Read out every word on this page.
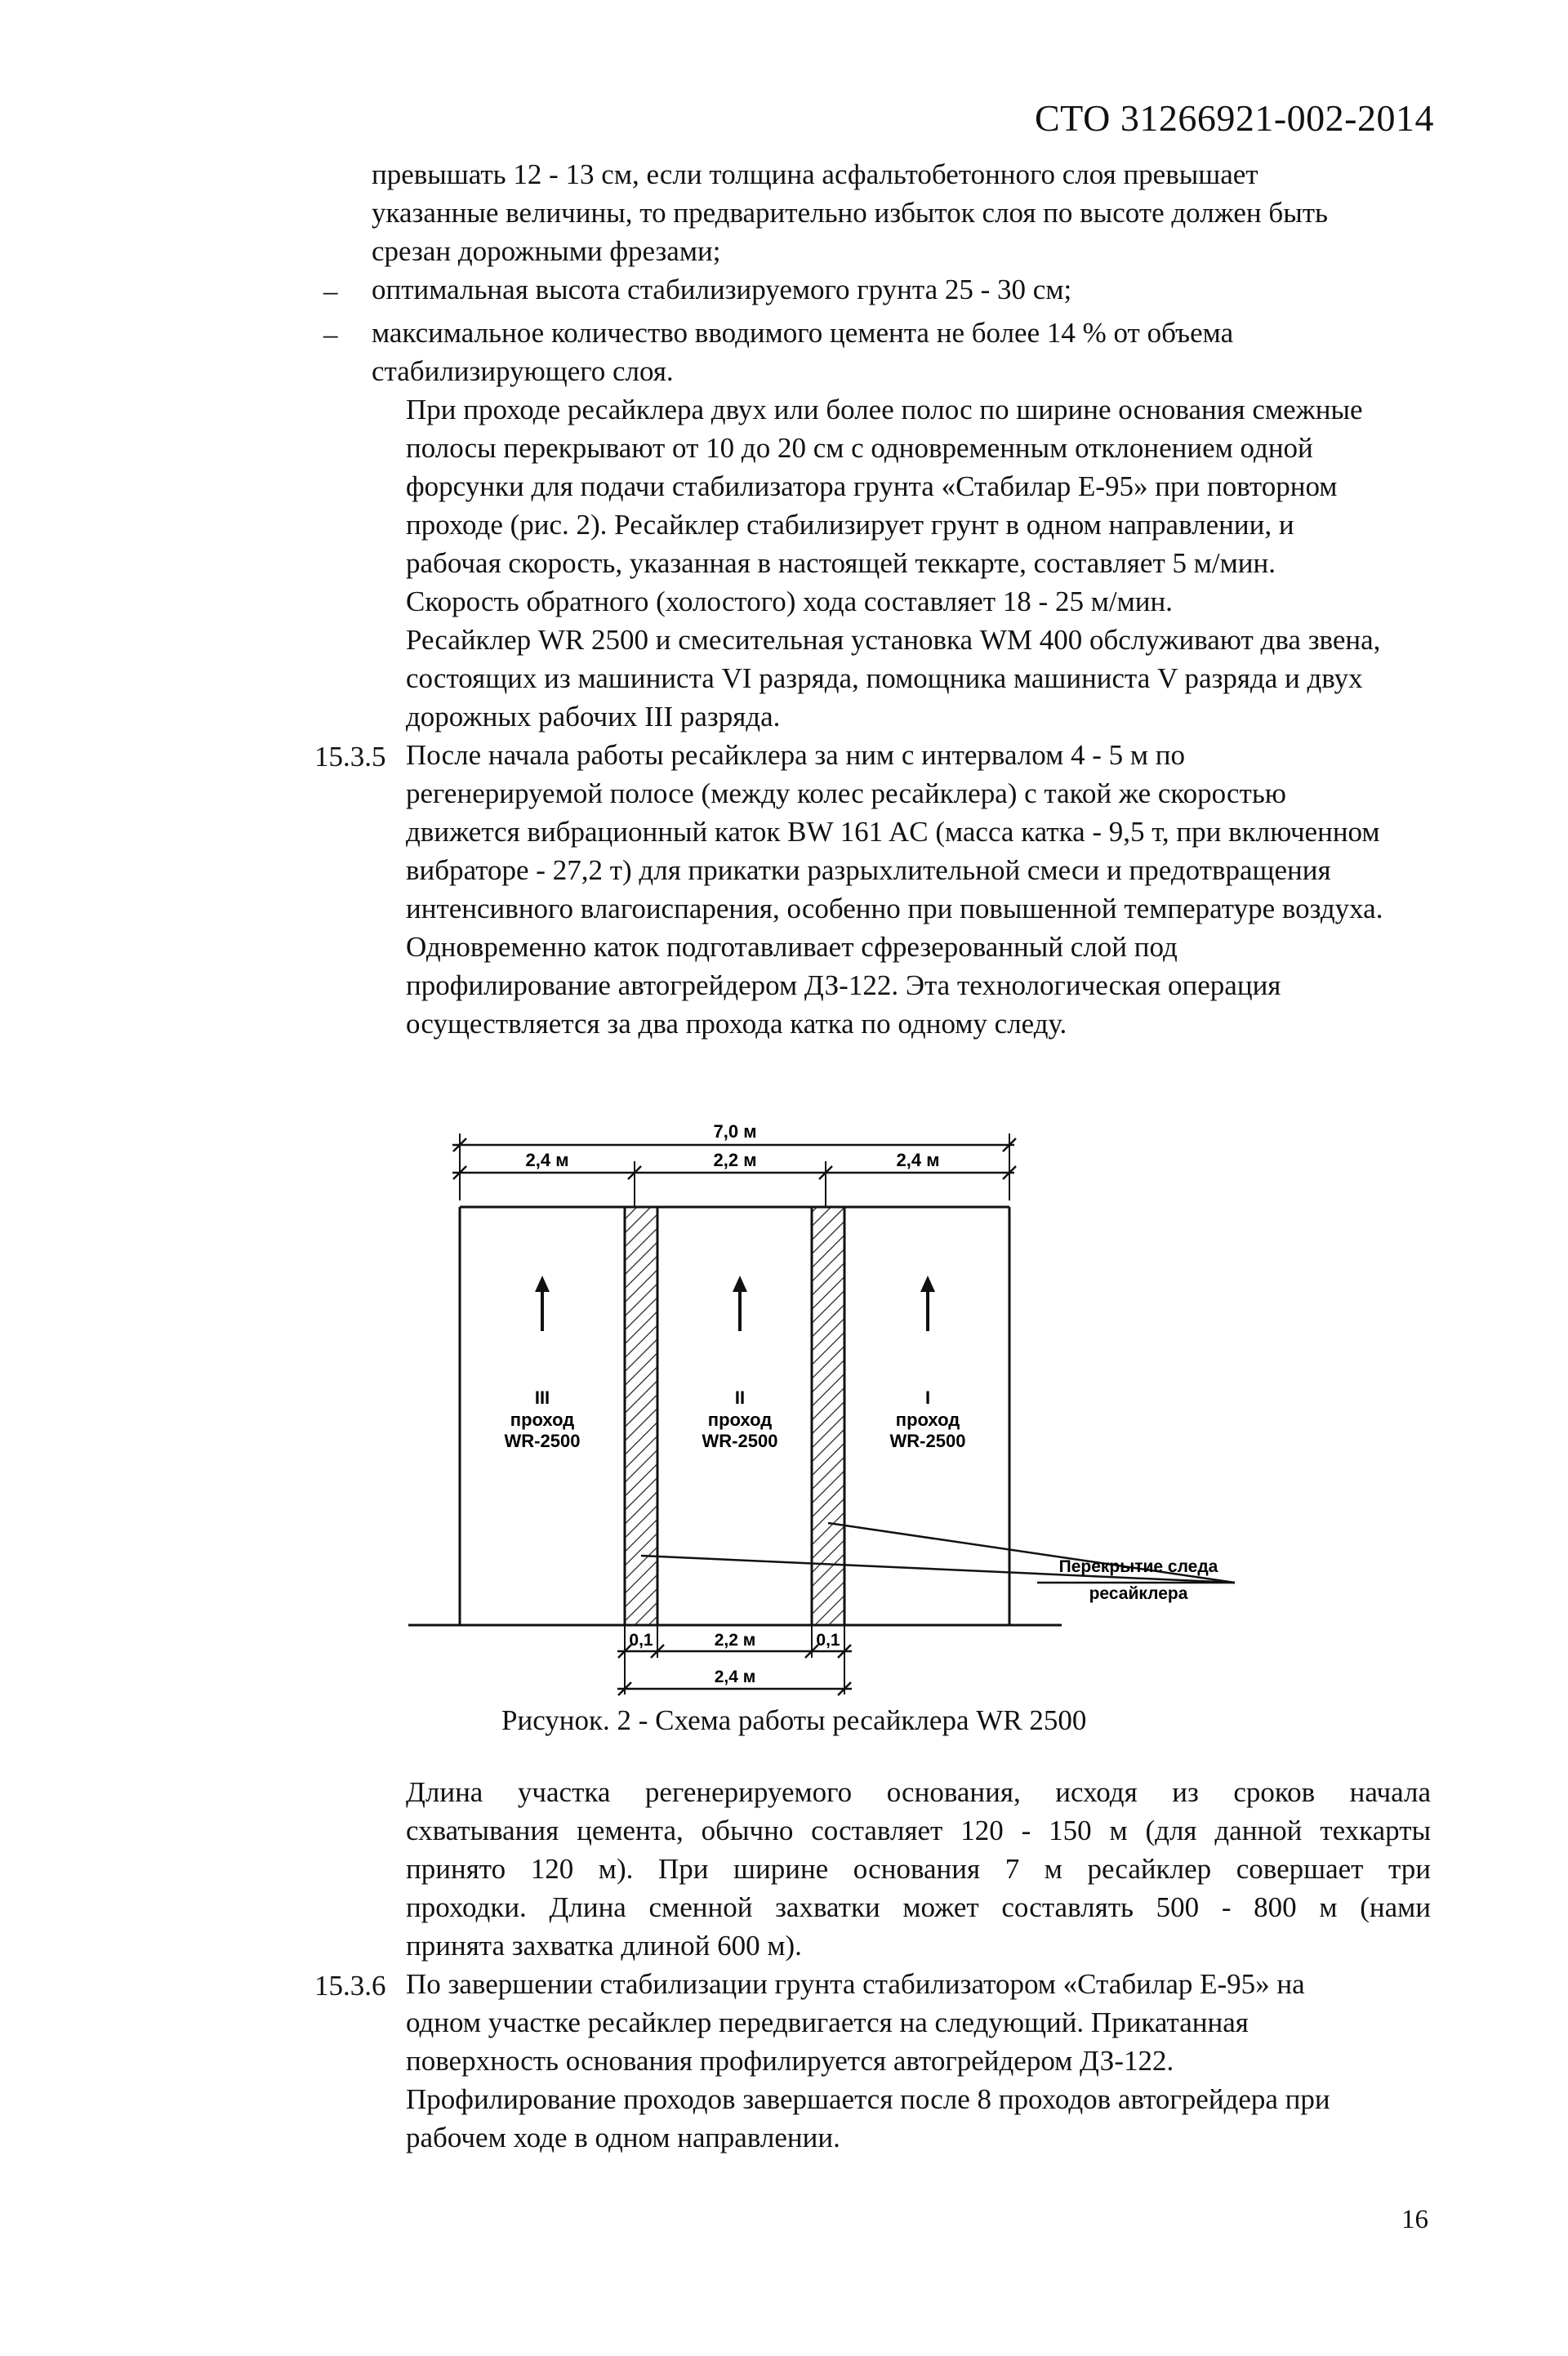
СТО 31266921-002-2014
превышать 12 - 13 см, если толщина асфальтобетонного слоя превышает
указанные величины, то предварительно избыток слоя по высоте должен быть
срезан дорожными фрезами;
– оптимальная высота стабилизируемого грунта 25 - 30 см;
– максимальное количество вводимого цемента не более 14 % от объема
стабилизирующего слоя.
При проходе ресайклера двух или более полос по ширине основания смежные
полосы перекрывают от 10 до 20 см с одновременным отклонением одной
форсунки для подачи стабилизатора грунта «Стабилар Е-95» при повторном
проходе (рис. 2). Ресайклер стабилизирует грунт в одном направлении, и
рабочая скорость, указанная в настоящей теккарте, составляет 5 м/мин.
Скорость обратного (холостого) хода составляет 18 - 25 м/мин.
Ресайклер WR 2500 и смесительная установка WM 400 обслуживают два звена,
состоящих из машиниста VI разряда, помощника машиниста V разряда и двух
дорожных рабочих III разряда.
15.3.5 После начала работы ресайклера за ним с интервалом 4 - 5 м по
регенерируемой полосе (между колес ресайклера) с такой же скоростью
движется вибрационный каток BW 161 AC (масса катка - 9,5 т, при включенном
вибраторе - 27,2 т) для прикатки разрыхлительной смеси и предотвращения
интенсивного влагоиспарения, особенно при повышенной температуре воздуха.
Одновременно каток подготавливает сфрезерованный слой под
профилирование автогрейдером ДЗ-122. Эта технологическая операция
осуществляется за два прохода катка по одному следу.
7,0 м
2,4 м	2,2 м	2,4 м
III
проход
WR-2500
II
проход
WR-2500
I
проход
WR-2500
Перекрытие следа
ресайклера
0,1	2,2 м	0,1
2,4 м
Рисунок. 2 - Схема работы ресайклера WR 2500
Длина участка регенерируемого основания, исходя из сроков начала
схватывания цемента, обычно составляет 120 - 150 м (для данной техкарты
принято 120 м). При ширине основания 7 м ресайклер совершает три
проходки. Длина сменной захватки может составлять 500 - 800 м (нами
принята захватка длиной 600 м).
15.3.6 По завершении стабилизации грунта стабилизатором «Стабилар Е-95» на
одном участке ресайклер передвигается на следующий. Прикатанная
поверхность основания профилируется автогрейдером ДЗ-122.
Профилирование проходов завершается после 8 проходов автогрейдера при
рабочем ходе в одном направлении.
16
